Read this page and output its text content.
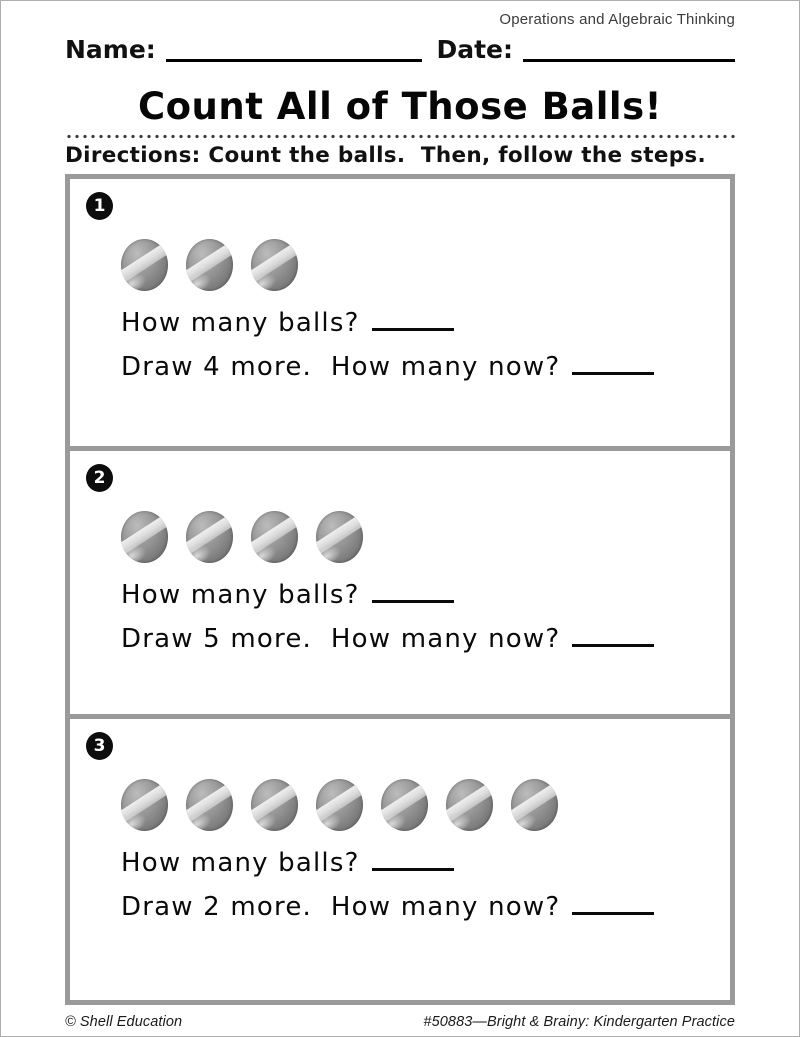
Operations and Algebraic Thinking
Name:	Date:
Count All of Those Balls!
Directions: Count the balls.  Then, follow the steps.
1
How many balls?
Draw 4 more.  How many now?
2
How many balls?
Draw 5 more.  How many now?
3
How many balls?
Draw 2 more.  How many now?
© Shell Education	#50883—Bright & Brainy: Kindergarten Practice
